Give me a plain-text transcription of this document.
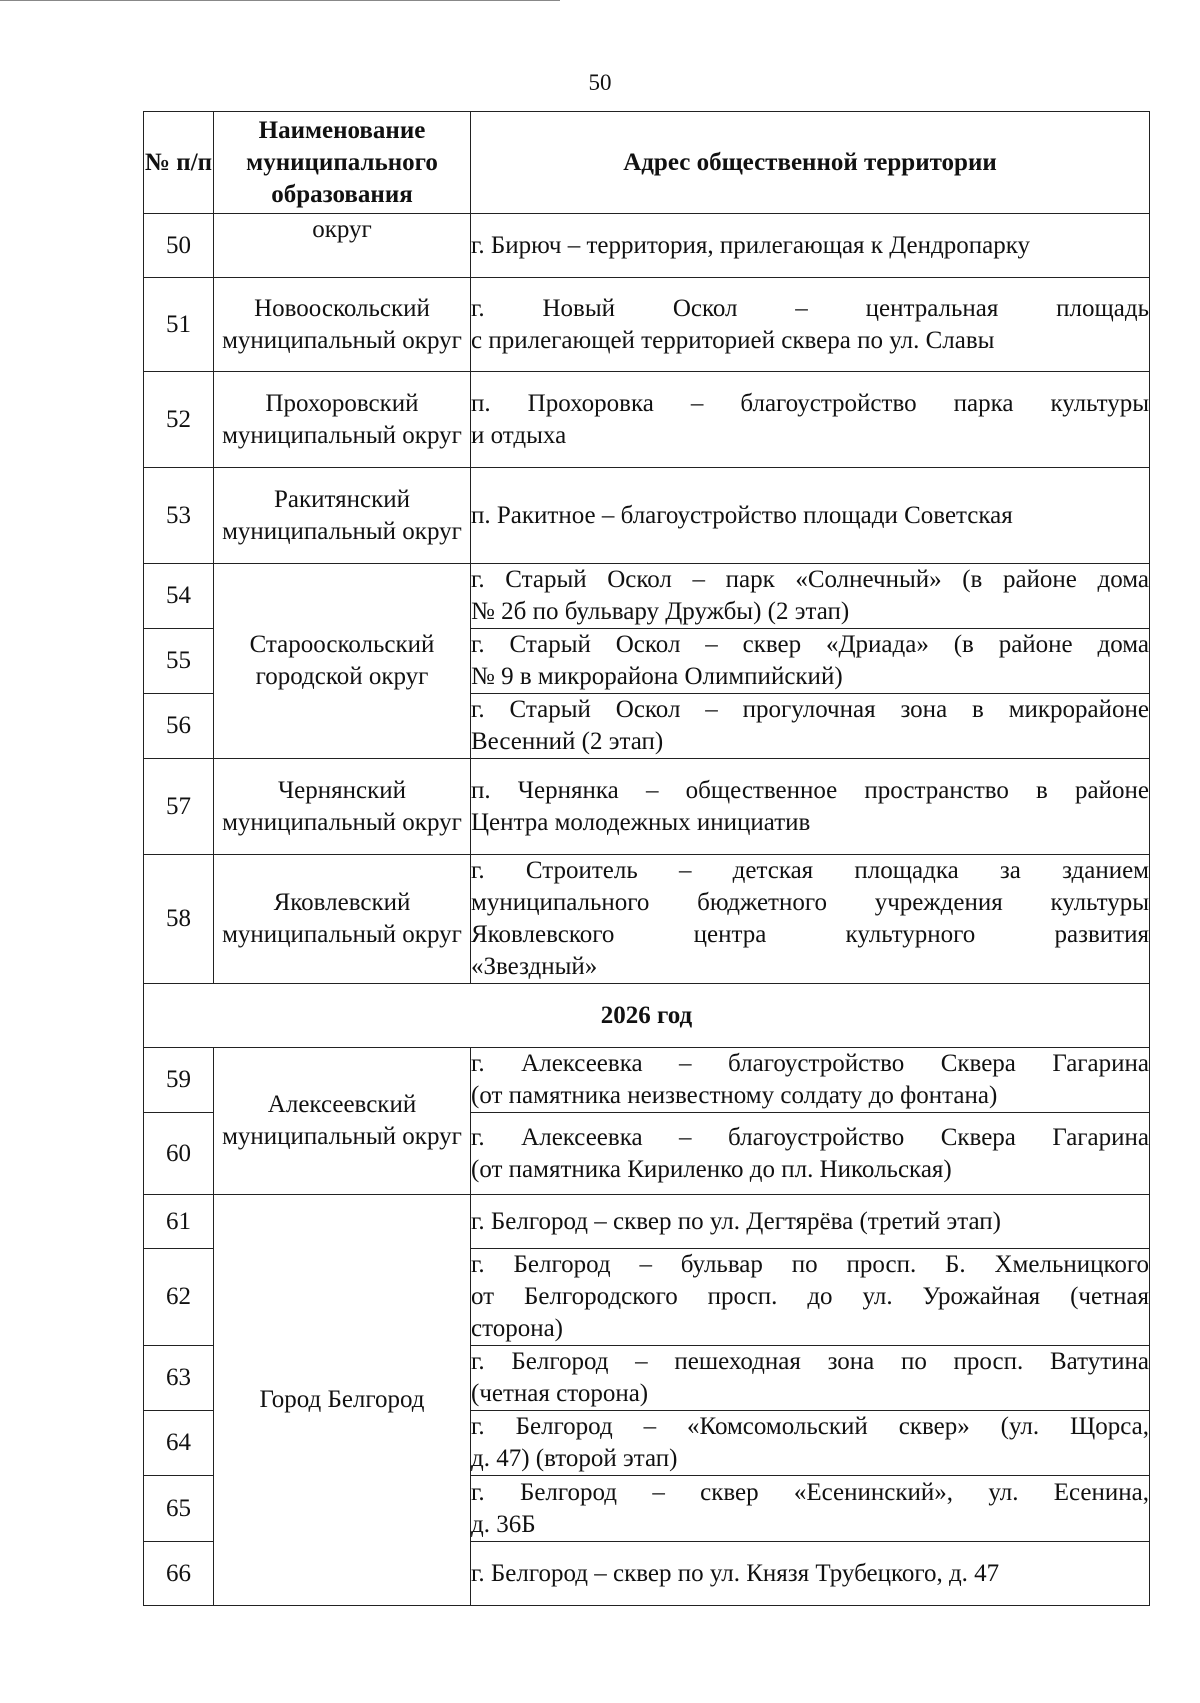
50
№ п/п	Наименование муниципального образования	Адрес общественной территории
50	округ	г. Бирюч – территория, прилегающая к Дендропарку

51	Новооскольский муниципальный округ	г. Новый Оскол – центральная площадь
с прилегающей территорией сквера по ул. Славы

52	Прохоровский муниципальный округ	п. Прохоровка – благоустройство парка культуры
и отдыха

53	Ракитянский муниципальный округ	п. Ракитное – благоустройство площади Советская

54	Старооскольский городской округ	г. Старый Оскол – парк «Солнечный» (в районе дома
№ 2б по бульвару Дружбы) (2 этап)

55		г. Старый Оскол – сквер «Дриада» (в районе дома
№ 9 в микрорайона Олимпийский)

56		г. Старый Оскол – прогулочная зона в микрорайоне
Весенний (2 этап)

57	Чернянский муниципальный округ	п. Чернянка – общественное пространство в районе
Центра молодежных инициатив

58	Яковлевский муниципальный округ	г. Строитель – детская площадка за зданием
муниципального бюджетного учреждения культуры
Яковлевского центра культурного развития
«Звездный»

2026 год		
59	Алексеевский муниципальный округ	г. Алексеевка – благоустройство Сквера Гагарина
(от памятника неизвестному солдату до фонтана)

60		г. Алексеевка – благоустройство Сквера Гагарина
(от памятника Кириленко до пл. Никольская)

61	Город Белгород	г. Белгород – сквер по ул. Дегтярёва (третий этап)

62		г. Белгород – бульвар по просп. Б. Хмельницкого
от Белгородского просп. до ул. Урожайная (четная
сторона)

63		г. Белгород – пешеходная зона по просп. Ватутина
(четная сторона)

64		г. Белгород – «Комсомольский сквер» (ул. Щорса,
д. 47) (второй этап)

65		г. Белгород – сквер «Есенинский», ул. Есенина,
д. 36Б

66		г. Белгород – сквер по ул. Князя Трубецкого, д. 47
